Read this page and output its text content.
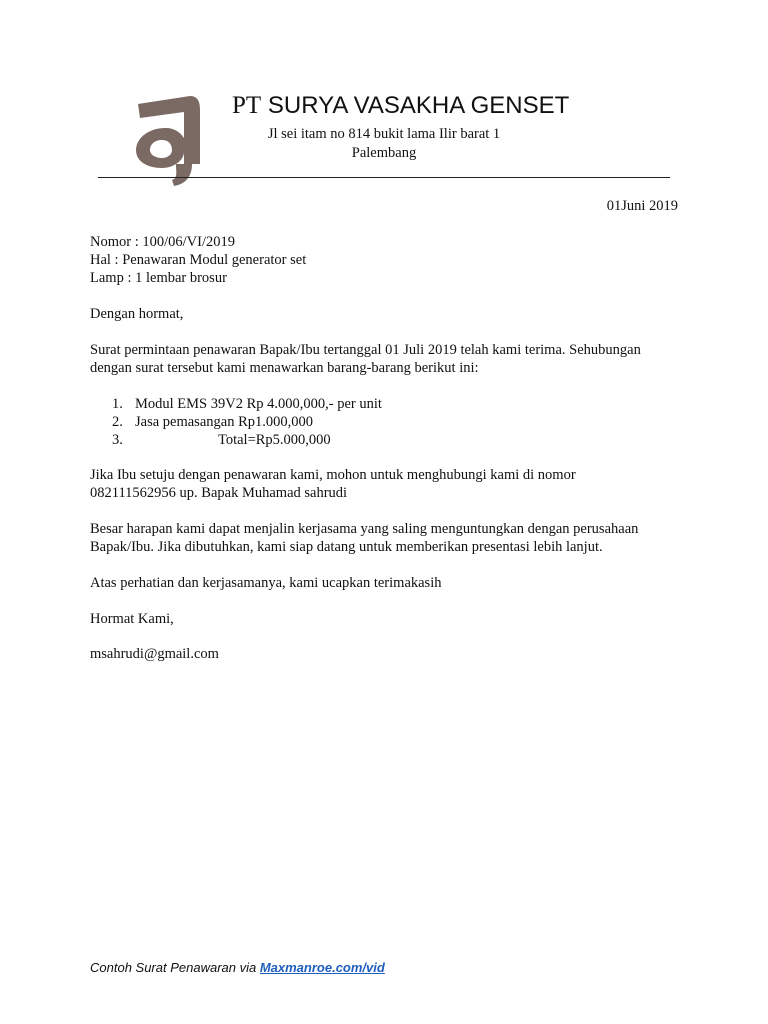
PT SURYA VASAKHA GENSET
Jl sei itam no 814 bukit lama Ilir barat 1
Palembang
01Juni 2019
Nomor : 100/06/VI/2019
Hal : Penawaran Modul generator set
Lamp : 1 lembar brosur
Dengan hormat,
Surat permintaan penawaran Bapak/Ibu tertanggal 01 Juli 2019 telah kami terima. Sehubungan
dengan surat tersebut kami menawarkan barang-barang berikut ini:
1. Modul EMS 39V2 Rp 4.000,000,- per unit
2. Jasa pemasangan Rp1.000,000
3.	Total=Rp5.000,000
Jika Ibu setuju dengan penawaran kami, mohon untuk menghubungi kami di nomor
082111562956 up. Bapak Muhamad sahrudi
Besar harapan kami dapat menjalin kerjasama yang saling menguntungkan dengan perusahaan
Bapak/Ibu. Jika dibutuhkan, kami siap datang untuk memberikan presentasi lebih lanjut.
Atas perhatian dan kerjasamanya, kami ucapkan terimakasih
Hormat Kami,
msahrudi@gmail.com
Contoh Surat Penawaran via Maxmanroe.com/vid
